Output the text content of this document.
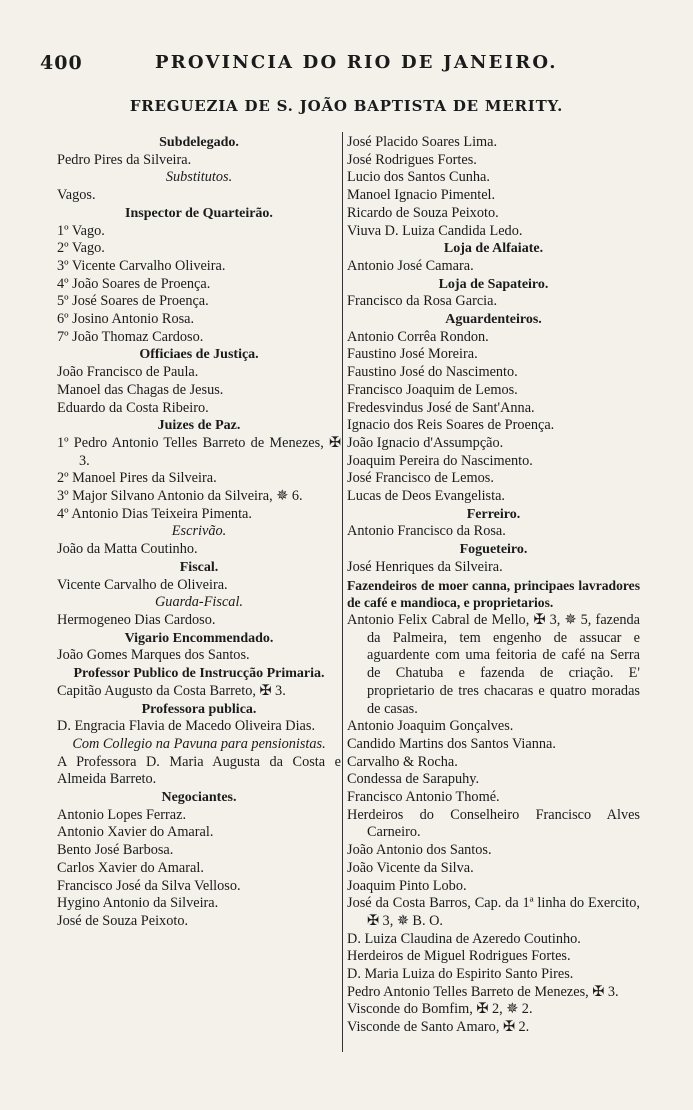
400	PROVINCIA DO RIO DE JANEIRO.
FREGUEZIA DE S. JOÃO BAPTISTA DE MERITY.
Subdelegado.
Pedro Pires da Silveira.
Substitutos.
Vagos.
Inspector de Quarteirão.
1º Vago.
2º Vago.
3º Vicente Carvalho Oliveira.
4º João Soares de Proença.
5º José Soares de Proença.
6º Josino Antonio Rosa.
7º João Thomaz Cardoso.
Officiaes de Justiça.
João Francisco de Paula.
Manoel das Chagas de Jesus.
Eduardo da Costa Ribeiro.
Juizes de Paz.
1º Pedro Antonio Telles Barreto de Menezes, ✠ 3.
2º Manoel Pires da Silveira.
3º Major Silvano Antonio da Silveira, ✵ 6.
4º Antonio Dias Teixeira Pimenta.
Escrivão.
João da Matta Coutinho.
Fiscal.
Vicente Carvalho de Oliveira.
Guarda-Fiscal.
Hermogeneo Dias Cardoso.
Vigario Encommendado.
João Gomes Marques dos Santos.
Professor Publico de Instrucção Primaria.
Capitão Augusto da Costa Barreto, ✠ 3.
Professora publica.
D. Engracia Flavia de Macedo Oliveira Dias.
Com Collegio na Pavuna para pensionistas.
A Professora D. Maria Augusta da Costa e Almeida Barreto.
Negociantes.
Antonio Lopes Ferraz.
Antonio Xavier do Amaral.
Bento José Barbosa.
Carlos Xavier do Amaral.
Francisco José da Silva Velloso.
Hygino Antonio da Silveira.
José de Souza Peixoto.
José Placido Soares Lima.
José Rodrigues Fortes.
Lucio dos Santos Cunha.
Manoel Ignacio Pimentel.
Ricardo de Souza Peixoto.
Viuva D. Luiza Candida Ledo.
Loja de Alfaiate.
Antonio José Camara.
Loja de Sapateiro.
Francisco da Rosa Garcia.
Aguardenteiros.
Antonio Corrêa Rondon.
Faustino José Moreira.
Faustino José do Nascimento.
Francisco Joaquim de Lemos.
Fredesvindus José de Sant'Anna.
Ignacio dos Reis Soares de Proença.
João Ignacio d'Assumpção.
Joaquim Pereira do Nascimento.
José Francisco de Lemos.
Lucas de Deos Evangelista.
Ferreiro.
Antonio Francisco da Rosa.
Fogueteiro.
José Henriques da Silveira.
Fazendeiros de moer canna, principaes lavradores de café e mandioca, e proprietarios.
Antonio Felix Cabral de Mello, ✠ 3, ✵ 5, fazenda da Palmeira, tem engenho de assucar e aguardente com uma feitoria de café na Serra de Chatuba e fazenda de criação. E' proprietario de tres chacaras e quatro moradas de casas.
Antonio Joaquim Gonçalves.
Candido Martins dos Santos Vianna.
Carvalho & Rocha.
Condessa de Sarapuhy.
Francisco Antonio Thomé.
Herdeiros do Conselheiro Francisco Alves Carneiro.
João Antonio dos Santos.
João Vicente da Silva.
Joaquim Pinto Lobo.
José da Costa Barros, Cap. da 1ª linha do Exercito, ✠ 3, ✵ B. O.
D. Luiza Claudina de Azeredo Coutinho.
Herdeiros de Miguel Rodrigues Fortes.
D. Maria Luiza do Espirito Santo Pires.
Pedro Antonio Telles Barreto de Menezes, ✠ 3.
Visconde do Bomfim, ✠ 2, ✵ 2.
Visconde de Santo Amaro, ✠ 2.
